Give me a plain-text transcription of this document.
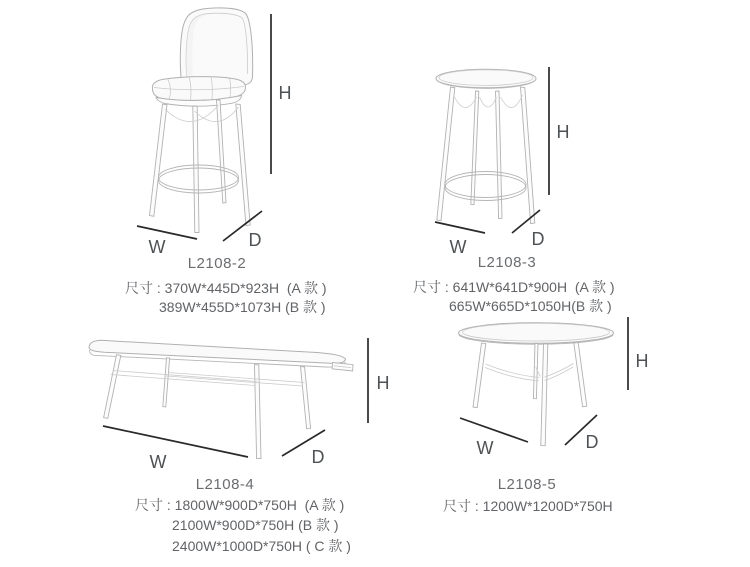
W	D
H
L2108-2
尺寸 : 370W*445D*923H  (A 款 )
389W*455D*1073H (B 款 )
W	D
H
L2108-3
尺寸 : 641W*641D*900H  (A 款 )
665W*665D*1050H(B 款 )
W	D
H
L2108-4
尺寸 : 1800W*900D*750H  (A 款 )
2100W*900D*750H (B 款 )
2400W*1000D*750H ( C 款 )
W	D
H
L2108-5
尺寸 : 1200W*1200D*750H
